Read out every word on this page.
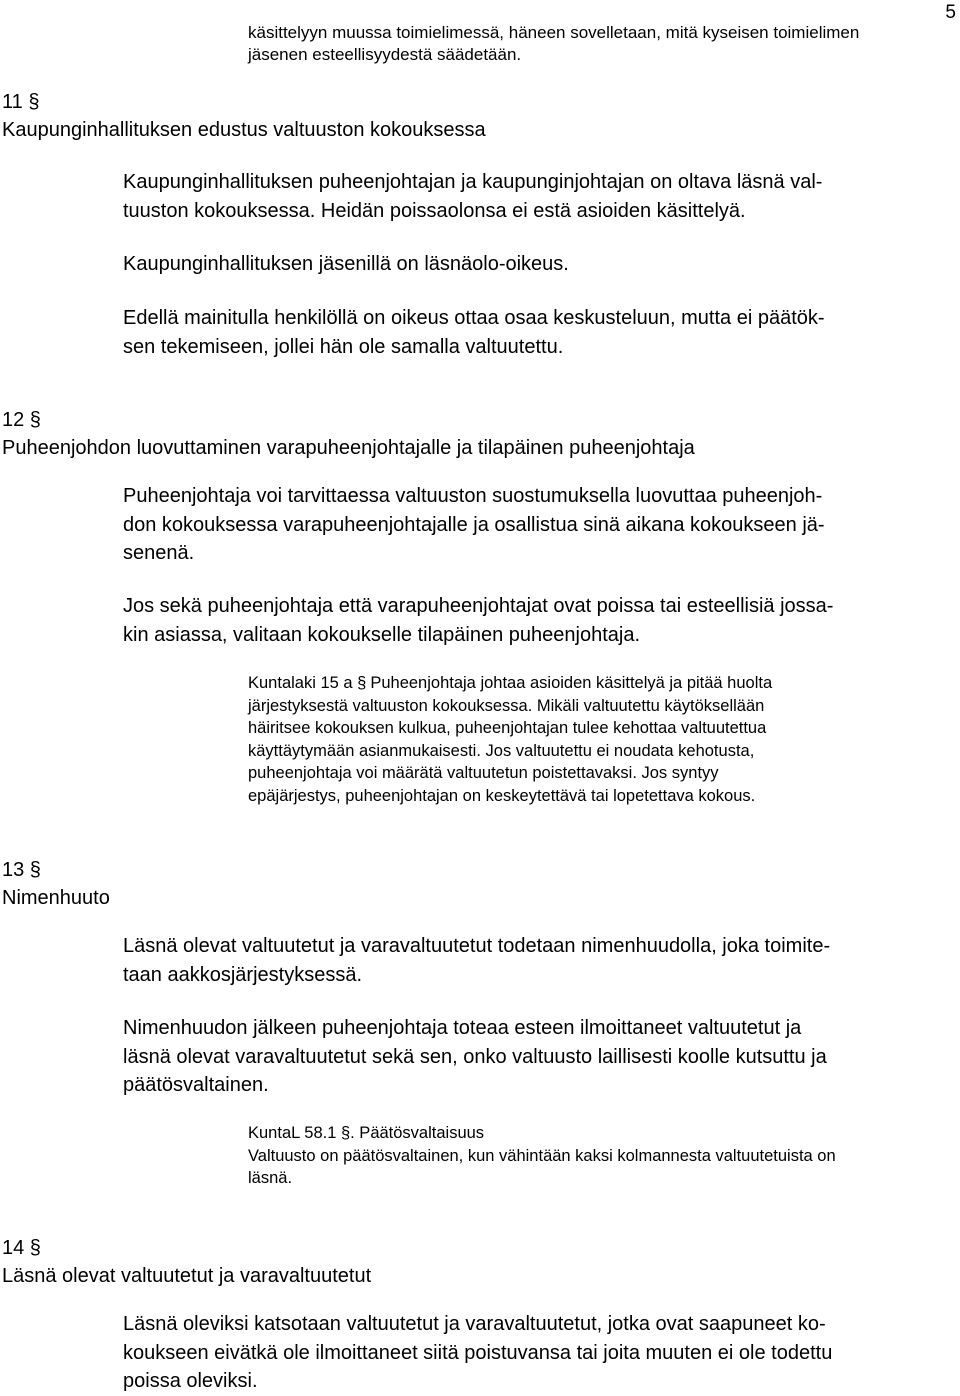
5
käsittelyyn muussa toimielimessä, häneen sovelletaan, mitä kyseisen toimielimen
jäsenen esteellisyydestä säädetään.
11 §
Kaupunginhallituksen edustus valtuuston kokouksessa
Kaupunginhallituksen puheenjohtajan ja kaupunginjohtajan on oltava läsnä val-
tuuston kokouksessa. Heidän poissaolonsa ei estä asioiden käsittelyä.
Kaupunginhallituksen jäsenillä on läsnäolo-oikeus.
Edellä mainitulla henkilöllä on oikeus ottaa osaa keskusteluun, mutta ei päätök-
sen tekemiseen, jollei hän ole samalla valtuutettu.
12 §
Puheenjohdon luovuttaminen varapuheenjohtajalle ja tilapäinen puheenjohtaja
Puheenjohtaja voi tarvittaessa valtuuston suostumuksella luovuttaa puheenjoh-
don kokouksessa varapuheenjohtajalle ja osallistua sinä aikana kokoukseen jä-
senenä.
Jos sekä puheenjohtaja että varapuheenjohtajat ovat poissa tai esteellisiä jossa-
kin asiassa, valitaan kokoukselle tilapäinen puheenjohtaja.
Kuntalaki 15 a § Puheenjohtaja johtaa asioiden käsittelyä ja pitää huolta
järjestyksestä valtuuston kokouksessa. Mikäli valtuutettu käytöksellään
häiritsee kokouksen kulkua, puheenjohtajan tulee kehottaa valtuutettua
käyttäytymään asianmukaisesti. Jos valtuutettu ei noudata kehotusta,
puheenjohtaja voi määrätä valtuutetun poistettavaksi. Jos syntyy
epäjärjestys, puheenjohtajan on keskeytettävä tai lopetettava kokous.
13 §
Nimenhuuto
Läsnä olevat valtuutetut ja varavaltuutetut todetaan nimenhuudolla, joka toimite-
taan aakkosjärjestyksessä.
Nimenhuudon jälkeen puheenjohtaja toteaa esteen ilmoittaneet valtuutetut ja
läsnä olevat varavaltuutetut sekä sen, onko valtuusto laillisesti koolle kutsuttu ja
päätösvaltainen.
KuntaL 58.1 §. Päätösvaltaisuus
Valtuusto on päätösvaltainen, kun vähintään kaksi kolmannesta valtuutetuista on
läsnä.
14 §
Läsnä olevat valtuutetut ja varavaltuutetut
Läsnä oleviksi katsotaan valtuutetut ja varavaltuutetut, jotka ovat saapuneet ko-
koukseen eivätkä ole ilmoittaneet siitä poistuvansa tai joita muuten ei ole todettu
poissa oleviksi.
